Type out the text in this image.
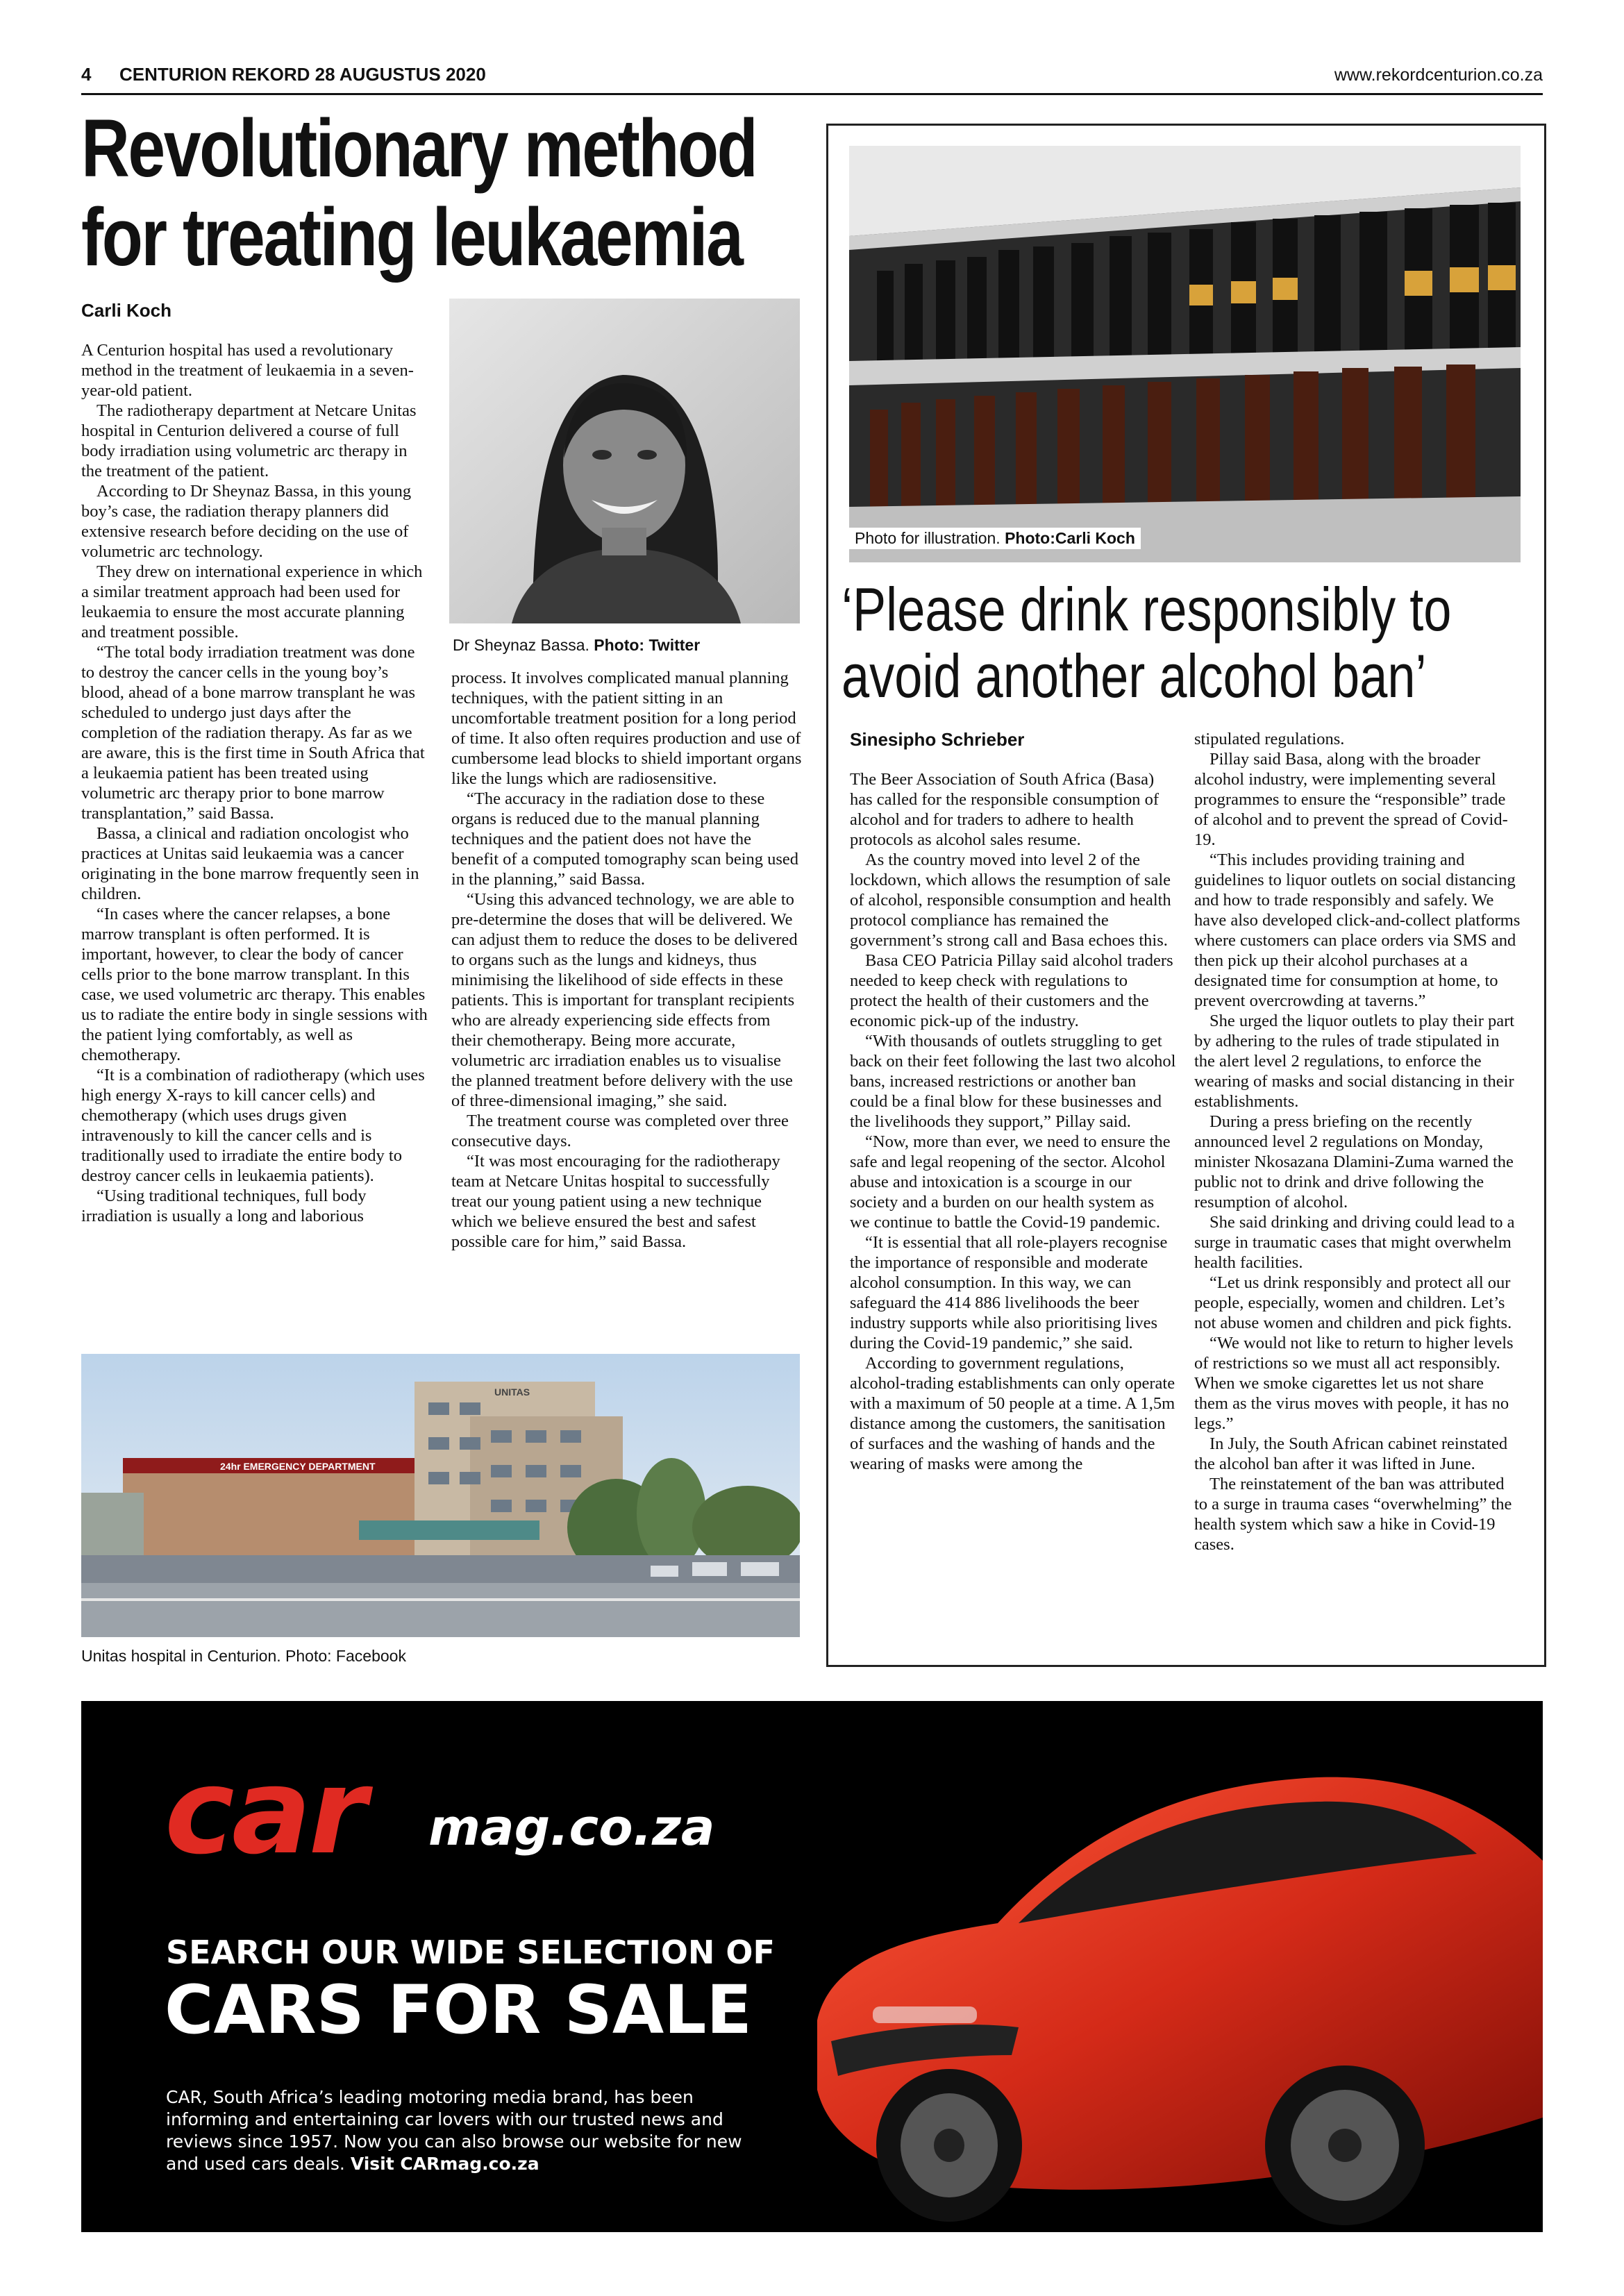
4 CENTURION REKORD 28 AUGUSTUS 2020	www.rekordcenturion.co.za
Revolutionary method
for treating leukaemia
Carli Koch

A Centurion hospital has used a revolutionary method in the treatment of leukaemia in a seven-year-old patient.

The radiotherapy department at Netcare Unitas hospital in Centurion delivered a course of full body irradiation using volumetric arc therapy in the treatment of the patient.

According to Dr Sheynaz Bassa, in this young boy’s case, the radiation therapy planners did extensive research before deciding on the use of volumetric arc technology.

They drew on international experience in which a similar treatment approach had been used for leukaemia to ensure the most accurate planning and treatment possible.

“The total body irradiation treatment was done to destroy the cancer cells in the young boy’s blood, ahead of a bone marrow transplant he was scheduled to undergo just days after the completion of the radiation therapy. As far as we are aware, this is the first time in South Africa that a leukaemia patient has been treated using volumetric arc therapy prior to bone marrow transplantation,” said Bassa.

Bassa, a clinical and radiation oncologist who practices at Unitas said leukaemia was a cancer originating in the bone marrow frequently seen in children.

“In cases where the cancer relapses, a bone marrow transplant is often performed. It is important, however, to clear the body of cancer cells prior to the bone marrow transplant. In this case, we used volumetric arc therapy. This enables us to radiate the entire body in single sessions with the patient lying comfortably, as well as chemotherapy.

“It is a combination of radiotherapy (which uses high energy X-rays to kill cancer cells) and chemotherapy (which uses drugs given intravenously to kill the cancer cells and is traditionally used to irradiate the entire body to destroy cancer cells in leukaemia patients).

“Using traditional techniques, full body irradiation is usually a long and laborious

Dr Sheynaz Bassa. Photo: Twitter

process. It involves complicated manual planning techniques, with the patient sitting in an uncomfortable treatment position for a long period of time. It also often requires production and use of cumbersome lead blocks to shield important organs like the lungs which are radiosensitive.

“The accuracy in the radiation dose to these organs is reduced due to the manual planning techniques and the patient does not have the benefit of a computed tomography scan being used in the planning,” said Bassa.

“Using this advanced technology, we are able to pre-determine the doses that will be delivered. We can adjust them to reduce the doses to be delivered to organs such as the lungs and kidneys, thus minimising the likelihood of side effects in these patients. This is important for transplant recipients who are already experiencing side effects from their chemotherapy. Being more accurate, volumetric arc irradiation enables us to visualise the planned treatment before delivery with the use of three-dimensional imaging,” she said.

The treatment course was completed over three consecutive days.

“It was most encouraging for the radiotherapy team at Netcare Unitas hospital to successfully treat our young patient using a new technique which we believe ensured the best and safest possible care for him,” said Bassa.

24hr EMERGENCY DEPARTMENT
UNITAS
Unitas hospital in Centurion. Photo: Facebook
Photo for illustration. Photo:Carli Koch
‘Please drink responsibly to
avoid another alcohol ban’
Sinesipho Schrieber

The Beer Association of South Africa (Basa) has called for the responsible consumption of alcohol and for traders to adhere to health protocols as alcohol sales resume.

As the country moved into level 2 of the lockdown, which allows the resumption of sale of alcohol, responsible consumption and health protocol compliance has remained the government’s strong call and Basa echoes this.

Basa CEO Patricia Pillay said alcohol traders needed to keep check with regulations to protect the health of their customers and the economic pick-up of the industry.

“With thousands of outlets struggling to get back on their feet following the last two alcohol bans, increased restrictions or another ban could be a final blow for these businesses and the livelihoods they support,” Pillay said.

“Now, more than ever, we need to ensure the safe and legal reopening of the sector. Alcohol abuse and intoxication is a scourge in our society and a burden on our health system as we continue to battle the Covid-19 pandemic.

“It is essential that all role-players recognise the importance of responsible and moderate alcohol consumption. In this way, we can safeguard the 414 886 livelihoods the beer industry supports while also prioritising lives during the Covid-19 pandemic,” she said.

According to government regulations, alcohol-trading establishments can only operate with a maximum of 50 people at a time. A 1,5m distance among the customers, the sanitisation of surfaces and the washing of hands and the wearing of masks were among the

stipulated regulations.

Pillay said Basa, along with the broader alcohol industry, were implementing several programmes to ensure the “responsible” trade of alcohol and to prevent the spread of Covid-19.

“This includes providing training and guidelines to liquor outlets on social distancing and how to trade responsibly and safely. We have also developed click-and-collect platforms where customers can place orders via SMS and then pick up their alcohol purchases at a designated time for consumption at home, to prevent overcrowding at taverns.”

She urged the liquor outlets to play their part by adhering to the rules of trade stipulated in the alert level 2 regulations, to enforce the wearing of masks and social distancing in their establishments.

During a press briefing on the recently announced level 2 regulations on Monday, minister Nkosazana Dlamini-Zuma warned the public not to drink and drive following the resumption of alcohol.

She said drinking and driving could lead to a surge in traumatic cases that might overwhelm health facilities.

“Let us drink responsibly and protect all our people, especially, women and children. Let’s not abuse women and children and pick fights.

“We would not like to return to higher levels of restrictions so we must all act responsibly. When we smoke cigarettes let us not share them as the virus moves with people, it has no legs.”

In July, the South African cabinet reinstated the alcohol ban after it was lifted in June.

The reinstatement of the ban was attributed to a surge in trauma cases “overwhelming” the health system which saw a hike in Covid-19 cases.

car mag.co.za
SEARCH OUR WIDE SELECTION OF
CARS FOR SALE
CAR, South Africa’s leading motoring media brand, has been informing and entertaining car lovers with our trusted news and reviews since 1957. Now you can also browse our website for new and used cars deals. Visit CARmag.co.za
